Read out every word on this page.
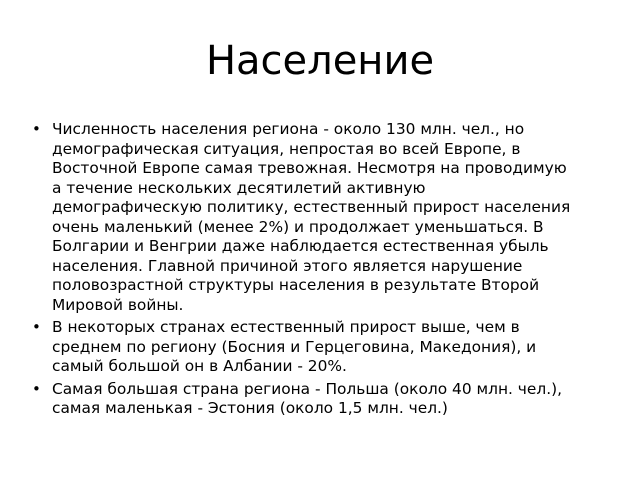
Население
• Численность населения региона - около 130 млн. чел., но демографическая ситуация, непростая во всей Европе, в Восточной Европе самая тревожная. Несмотря на проводимую а течение нескольких десятилетий активную демографическую политику, естественный прирост населения очень маленький (менее 2%) и продолжает уменьшаться. В Болгарии и Венгрии даже наблюдается естественная убыль населения. Главной причиной этого является нарушение половозрастной структуры населения в результате Второй Мировой войны.
• В некоторых странах естественный прирост выше, чем в среднем по региону (Босния и Герцеговина, Македония), и самый большой он в Албании - 20%.
• Самая большая страна региона - Польша (около 40 млн. чел.), самая маленькая - Эстония (около 1,5 млн. чел.)
